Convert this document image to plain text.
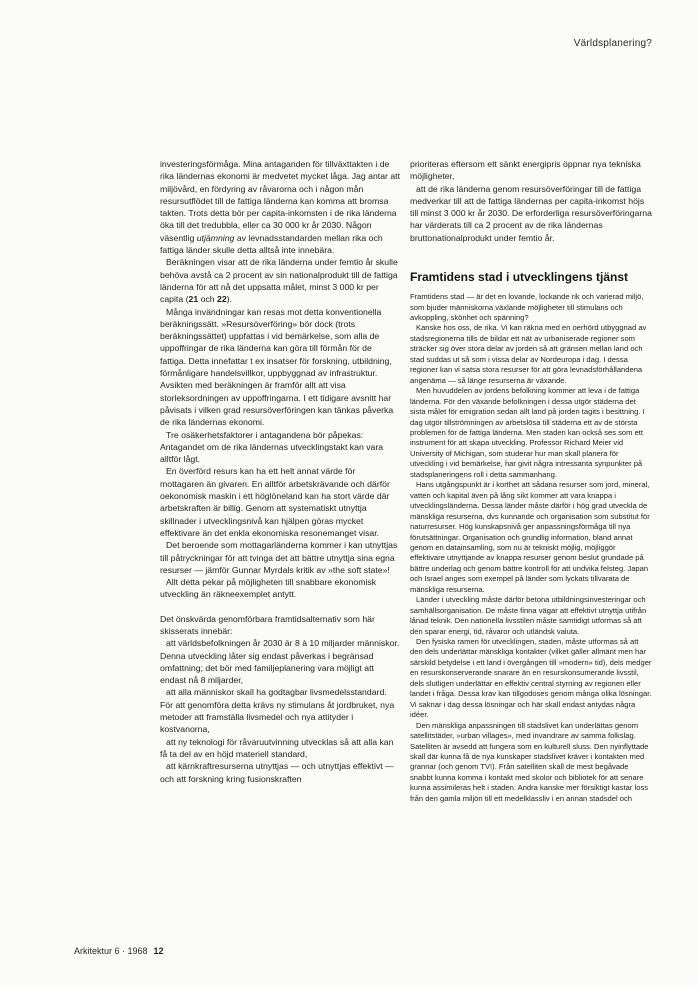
Världsplanering?

investeringsförmåga. Mina antaganden för tillväxttakten i de rika ländernas ekonomi är medvetet mycket låga. Jag antar att miljövård, en fördyring av råvarorna och i någon mån resursutflödet till de fattiga länderna kan komma att bromsa takten. Trots detta bör per capita-inkomsten i de rika länderna öka till det tredubbla, eller ca 30 000 kr år 2030. Någon väsentlig utjämning av levnadsstandarden mellan rika och fattiga länder skulle detta alltså inte innebära.

Beräkningen visar att de rika länderna under femtio år skulle behöva avstå ca 2 procent av sin nationalprodukt till de fattiga länderna för att nå det uppsatta målet, minst 3 000 kr per capita (21 och 22).

Många invändningar kan resas mot detta konventionella beräkningssätt. »Resursöverföring» bör dock (trots beräkningssättet) uppfattas i vid bemärkelse, som alla de uppoffringar de rika länderna kan göra till förmån för de fattiga. Detta innefattar t ex insatser för forskning, utbildning, förmånligare handelsvillkor, uppbyggnad av infrastruktur. Avsikten med beräkningen är framför allt att visa storleksordningen av uppoffringarna. I ett tidigare avsnitt har påvisats i vilken grad resursöverföringen kan tänkas påverka de rika ländernas ekonomi.

Tre osäkerhetsfaktorer i antagandena bör påpekas: Antagandet om de rika ländernas utvecklingstakt kan vara alltför lågt.

En överförd resurs kan ha ett helt annat värde för mottagaren än givaren. En alltför arbetskrävande och därför oekonomisk maskin i ett höglöneland kan ha stort värde där arbetskraften är billig. Genom att systematiskt utnyttja skillnader i utvecklingsnivå kan hjälpen göras mycket effektivare än det enkla ekonomiska resonemanget visar.

Det beroende som mottagarländerna kommer i kan utnyttjas till påtryckningar för att tvinga det att bättre utnyttja sina egna resurser — jämför Gunnar Myrdals kritik av »the soft state»!

Allt detta pekar på möjligheten till snabbare ekonomisk utveckling än räkneexemplet antytt.

Det önskvärda genomförbara framtidsalternativ som här skisserats innebär:

att världsbefolkningen år 2030 är 8 à 10 miljarder människor. Denna utveckling låter sig endast påverkas i begränsad omfattning; det bör med familjeplanering vara möjligt att endast nå 8 miljarder,

att alla människor skall ha godtagbar livsmedelsstandard. För att genomföra detta krävs ny stimulans åt jordbruket, nya metoder att framställa livsmedel och nya attityder i kostvanorna,

att ny teknologi för råvaruutvinning utvecklas så att alla kan få ta del av en höjd materiell standard,

att kärnkraftresurserna utnyttjas — och utnyttjas effektivt — och att forskning kring fusionskraften

prioriteras eftersom ett sänkt energipris öppnar nya tekniska möjligheter,

att de rika länderna genom resursöverföringar till de fattiga medverkar till att de fattiga ländernas per capita-inkomst höjs till minst 3 000 kr år 2030. De erforderliga resursöverföringarna har värderats till ca 2 procent av de rika ländernas bruttonationalprodukt under femtio år.

Framtidens stad i utvecklingens tjänst

Framtidens stad — är det en lovande, lockande rik och varierad miljö, som bjuder människorna växlande möjligheter till stimulans och avkoppling, skönhet och spänning?

Kanske hos oss, de rika. Vi kan räkna med en oerhörd utbyggnad av stadsregionerna tills de bildar ett nät av urbaniserade regioner som sträcker sig över stora delar av jorden så att gränsen mellan land och stad suddas ut så som i vissa delar av Nordeuropa i dag. I dessa regioner kan vi satsa stora resurser för att göra levnadsförhållandena angenäma — så länge resurserna är växande.

Men huvuddelen av jordens befolkning kommer att leva i de fattiga länderna. För den växande befolkningen i dessa utgör städerna det sista målet för emigration sedan allt land på jorden tagits i besittning. I dag utgör tillströmningen av arbetslösa till städerna ett av de största problemen för de fattiga länderna. Men staden kan också ses som ett instrument för att skapa utveckling. Professor Richard Meier vid University of Michigan, som studerar hur man skall planera för utveckling i vid bemärkelse, har givit några intressanta synpunkter på stadsplaneringens roll i detta sammanhang.

Hans utgångspunkt är i korthet att sådana resurser som jord, mineral, vatten och kapital även på lång sikt kommer att vara knappa i utvecklingsländerna. Dessa länder måste därför i hög grad utveckla de mänskliga resurserna, dvs kunnande och organisation som substitut för naturresurser. Hög kunskapsnivå ger anpassningsförmåga till nya förutsättningar. Organisation och grundlig information, bland annat genom en datainsamling, som nu är tekniskt möjlig, möjliggör effektivare utnyttjande av knappa resurser genom beslut grundade på bättre underlag och genom bättre kontroll för att undvika felsteg. Japan och Israel anges som exempel på länder som lyckats tillvarata de mänskliga resurserna.

Länder i utveckling måste därför betona utbildningsinvesteringar och samhällsorganisation. De måste finna vägar att effektivt utnyttja utifrån lånad teknik. Den nationella livsstilen måste samtidigt utformas så att den sparar energi, tid, råvaror och utländsk valuta.

Den fysiska ramen för utvecklingen, staden, måste utformas så att den dels underlättar mänskliga kontakter (vilket gäller allmänt men har särskild betydelse i ett land i övergången till »modern» tid), dels medger en resurskonserverande snarare än en resurskonsumerande livsstil, dels slutligen underlättar en effektiv central styrning av regionen eller landet i fråga. Dessa krav kan tillgodoses genom många olika lösningar. Vi saknar i dag dessa lösningar och här skall endast antydas några idéer.

Den mänskliga anpassningen till stadslivet kan underlättas genom satellitstäder, »urban villages», med invandrare av samma folkslag. Satelliten är avsedd att fungera som en kulturell sluss. Den nyinflyttade skall där kunna få de nya kunskaper stadslivet kräver i kontakten med grannar (och genom TV!). Från satelliten skall de mest begåvade snabbt kunna komma i kontakt med skolor och bibliotek för att senare kunna assimileras helt i staden. Andra kanske mer försiktigt kastar loss från den gamla miljön till ett medelklassliv i en annan stadsdel och

Arkitektur 6 · 1968 12
